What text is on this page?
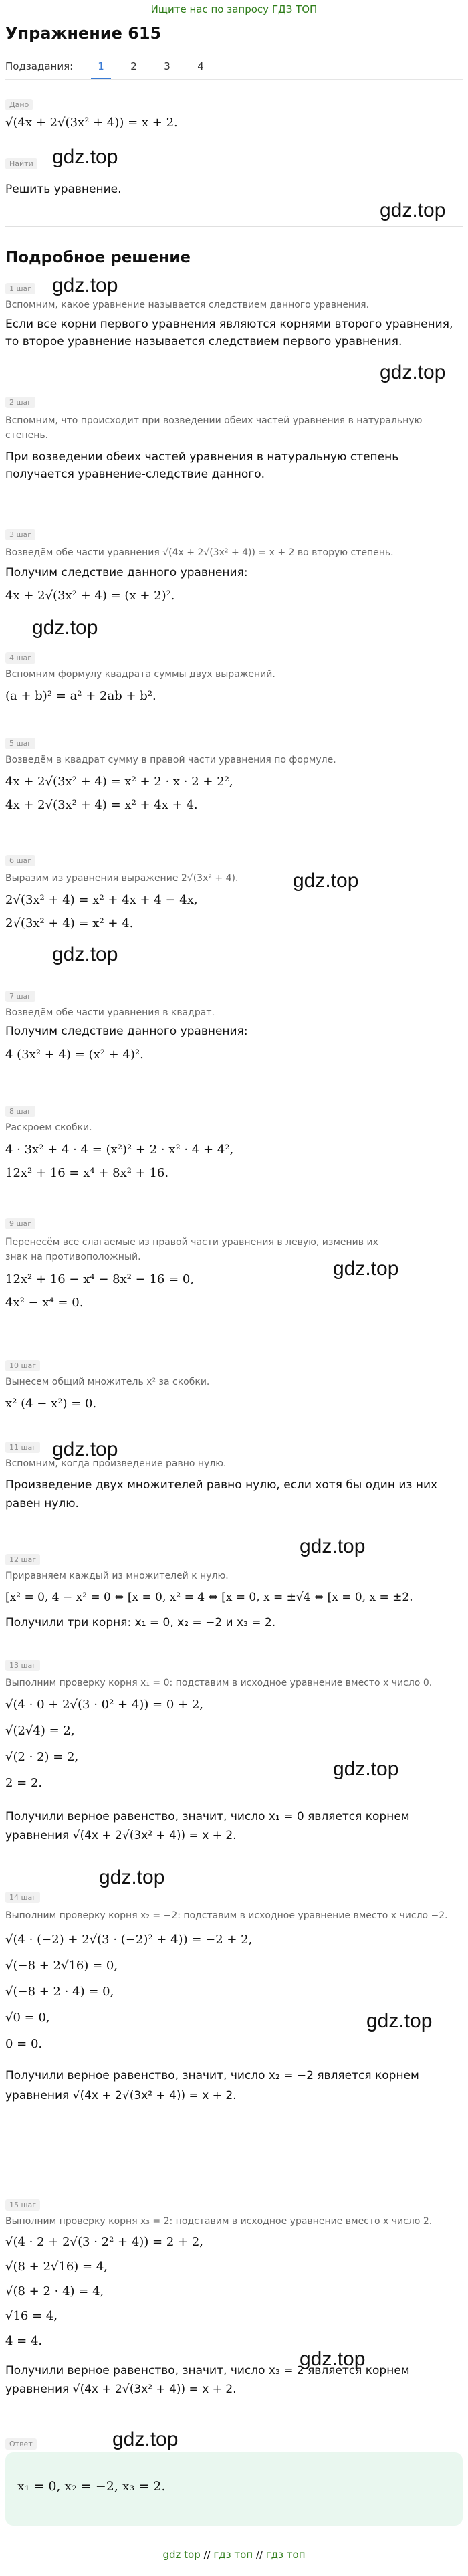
Ищите нас по запросу ГДЗ ТОП
Упражнение 615
Подзадания:	1	2	3	4
Дано
√(4x + 2√(3x² + 4)) = x + 2.
Найти
Решить уравнение.
gdz.top
gdz.top
gdz.top
gdz.top
gdz.top
gdz.top
gdz.top
gdz.top
gdz.top
gdz.top
gdz.top
gdz.top
gdz.top
gdz.top
gdz.top
Подробное решение
1 шаг
Вспомним, какое уравнение называется следствием данного уравнения.
Если все корни первого уравнения являются корнями второго уравнения, то второе уравнение называется следствием первого уравнения.
2 шаг
Вспомним, что происходит при возведении обеих частей уравнения в натуральную степень.
При возведении обеих частей уравнения в натуральную степень получается уравнение-следствие данного.
3 шаг
Возведём обе части уравнения √(4x + 2√(3x² + 4)) = x + 2 во вторую степень.
Получим следствие данного уравнения:
4x + 2√(3x² + 4) = (x + 2)².
4 шаг
Вспомним формулу квадрата суммы двух выражений.
(a + b)² = a² + 2ab + b².
5 шаг
Возведём в квадрат сумму в правой части уравнения по формуле.
4x + 2√(3x² + 4) = x² + 2 · x · 2 + 2²,
4x + 2√(3x² + 4) = x² + 4x + 4.
6 шаг
Выразим из уравнения выражение 2√(3x² + 4).
2√(3x² + 4) = x² + 4x + 4 − 4x,
2√(3x² + 4) = x² + 4.
7 шаг
Возведём обе части уравнения в квадрат.
Получим следствие данного уравнения:
4 (3x² + 4) = (x² + 4)².
8 шаг
Раскроем скобки.
4 · 3x² + 4 · 4 = (x²)² + 2 · x² · 4 + 4²,
12x² + 16 = x⁴ + 8x² + 16.
9 шаг
Перенесём все слагаемые из правой части уравнения в левую, изменив их знак на противоположный.
12x² + 16 − x⁴ − 8x² − 16 = 0,
4x² − x⁴ = 0.
10 шаг
Вынесем общий множитель x² за скобки.
x² (4 − x²) = 0.
11 шаг
Вспомним, когда произведение равно нулю.
Произведение двух множителей равно нулю, если хотя бы один из них равен нулю.
12 шаг
Приравняем каждый из множителей к нулю.
[x² = 0, 4 − x² = 0 ⇔ [x = 0, x² = 4 ⇔ [x = 0, x = ±√4 ⇔ [x = 0, x = ±2.
Получили три корня: x₁ = 0, x₂ = −2 и x₃ = 2.
13 шаг
Выполним проверку корня x₁ = 0: подставим в исходное уравнение вместо x число 0.
√(4 · 0 + 2√(3 · 0² + 4)) = 0 + 2,
√(2√4) = 2,
√(2 · 2) = 2,
2 = 2.
Получили верное равенство, значит, число x₁ = 0 является корнем уравнения √(4x + 2√(3x² + 4)) = x + 2.
14 шаг
Выполним проверку корня x₂ = −2: подставим в исходное уравнение вместо x число −2.
√(4 · (−2) + 2√(3 · (−2)² + 4)) = −2 + 2,
√(−8 + 2√16) = 0,
√(−8 + 2 · 4) = 0,
√0 = 0,
0 = 0.
Получили верное равенство, значит, число x₂ = −2 является корнем уравнения √(4x + 2√(3x² + 4)) = x + 2.
15 шаг
Выполним проверку корня x₃ = 2: подставим в исходное уравнение вместо x число 2.
√(4 · 2 + 2√(3 · 2² + 4)) = 2 + 2,
√(8 + 2√16) = 4,
√(8 + 2 · 4) = 4,
√16 = 4,
4 = 4.
Получили верное равенство, значит, число x₃ = 2 является корнем уравнения √(4x + 2√(3x² + 4)) = x + 2.
Ответ
x₁ = 0, x₂ = −2, x₃ = 2.
gdz top // гдз топ // гдз топ
